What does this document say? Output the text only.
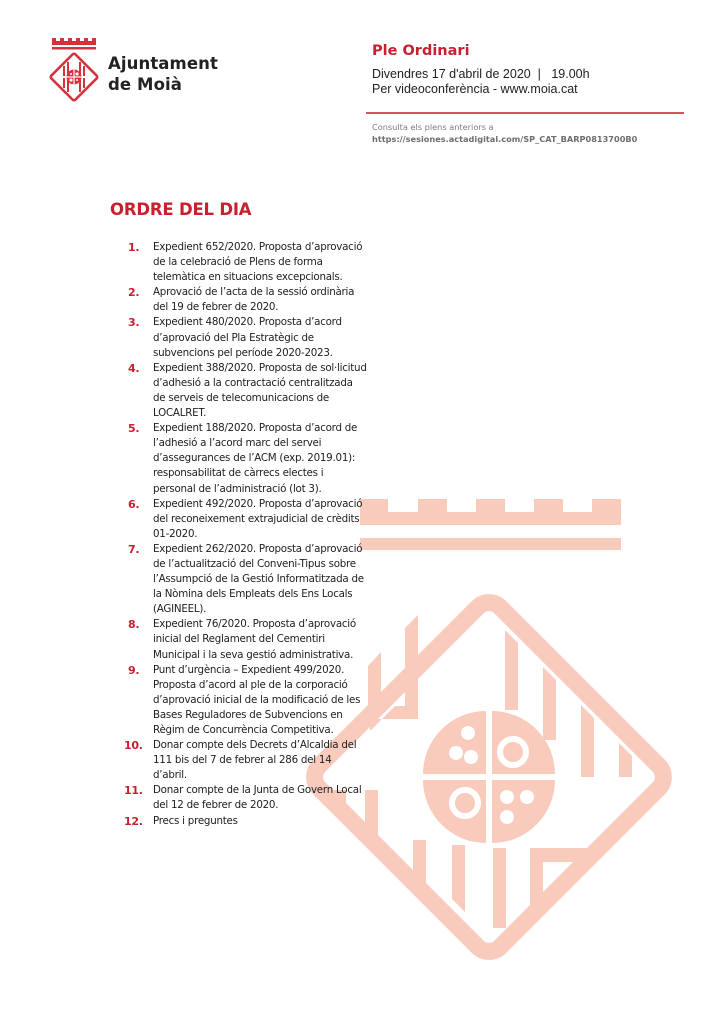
Ajuntament
de Moià
Ple Ordinari
Divendres 17 d'abril de 2020  |   19.00h
Per videoconferència - www.moia.cat
Consulta els plens anteriors a
https://sesiones.actadigital.com/SP_CAT_BARP0813700B0
ORDRE DEL DIA
1. Expedient 652/2020. Proposta d’aprovació de la celebració de Plens de forma telemàtica en situacions excepcionals.
2. Aprovació de l’acta de la sessió ordinària del 19 de febrer de 2020.
3. Expedient 480/2020. Proposta d’acord d’aprovació del Pla Estratègic de subvencions pel període 2020-2023.
4. Expedient 388/2020. Proposta de sol·licitud d’adhesió a la contractació centralitzada de serveis de telecomunicacions de LOCALRET.
5. Expedient 188/2020. Proposta d’acord de l’adhesió a l’acord marc del servei d’assegurances de l’ACM (exp. 2019.01): responsabilitat de càrrecs electes i personal de l’administració (lot 3).
6. Expedient 492/2020. Proposta d’aprovació del reconeixement extrajudicial de crèdits 01-2020.
7. Expedient 262/2020. Proposta d’aprovació de l’actualització del Conveni-Tipus sobre l’Assumpció de la Gestió Informatitzada de la Nòmina dels Empleats dels Ens Locals (AGINEEL).
8. Expedient 76/2020. Proposta d’aprovació inicial del Reglament del Cementiri Municipal i la seva gestió administrativa.
9. Punt d’urgència – Expedient 499/2020. Proposta d’acord al ple de la corporació d’aprovació inicial de la modificació de les Bases Reguladores de Subvencions en Règim de Concurrència Competitiva.
10. Donar compte dels Decrets d’Alcaldia del 111 bis del 7 de febrer al 286 del 14 d’abril.
11. Donar compte de la Junta de Govern Local del 12 de febrer de 2020.
12. Precs i preguntes
